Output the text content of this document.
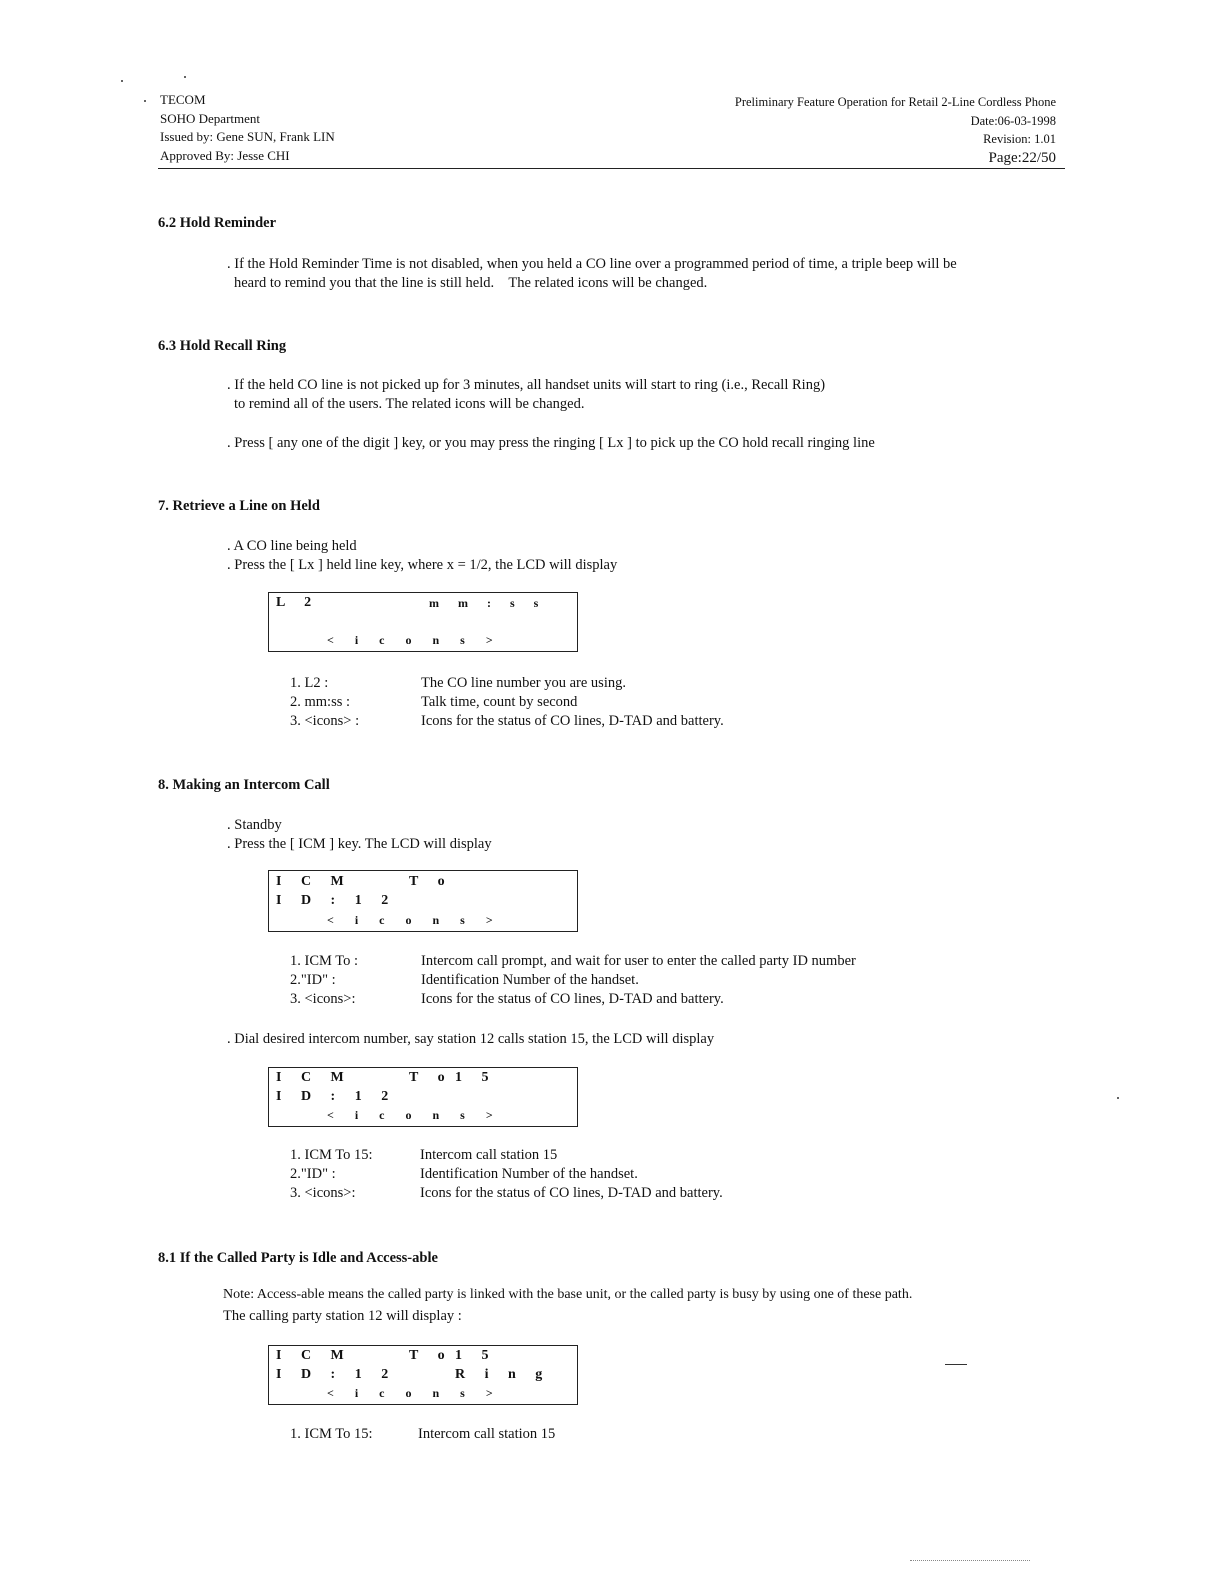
TECOM
SOHO Department
Issued by: Gene SUN, Frank LIN
Approved By: Jesse CHI
Preliminary Feature Operation for Retail 2-Line Cordless Phone
Date:06-03-1998
Revision: 1.01
Page:22/50
6.2 Hold Reminder
. If the Hold Reminder Time is not disabled, when you held a CO line over a programmed period of time, a triple beep will be
heard to remind you that the line is still held.    The related icons will be changed.
6.3 Hold Recall Ring
. If the held CO line is not picked up for 3 minutes, all handset units will start to ring (i.e., Recall Ring)
to remind all of the users. The related icons will be changed.
. Press [ any one of the digit ] key, or you may press the ringing [ Lx ] to pick up the CO hold recall ringing line
7. Retrieve a Line on Held
. A CO line being held
. Press the [ Lx ] held line key, where x = 1/2, the LCD will display
L 2	m m : s s
< i c o n s >
1. L2 :	The CO line number you are using.
2. mm:ss :	Talk time, count by second
3. <icons> :	Icons for the status of CO lines, D-TAD and battery.
8. Making an Intercom Call
. Standby
. Press the [ ICM ] key. The LCD will display
I C M     T o
I D : 1 2
< i c o n s >
1. ICM To :	Intercom call prompt, and wait for user to enter the called party ID number
2."ID" :	Identification Number of the handset.
3. <icons>:	Icons for the status of CO lines, D-TAD and battery.
. Dial desired intercom number, say station 12 calls station 15, the LCD will display
I C M     T o 1 5
I D : 1 2
< i c o n s >
1. ICM To 15:	Intercom call station 15
2."ID" :	Identification Number of the handset.
3. <icons>:	Icons for the status of CO lines, D-TAD and battery.
8.1 If the Called Party is Idle and Access-able
Note: Access-able means the called party is linked with the base unit, or the called party is busy by using one of these path.
The calling party station 12 will display :
I C M     T o 1 5
I D : 1 2	R i n g
< i c o n s >
1. ICM To 15:	Intercom call station 15
